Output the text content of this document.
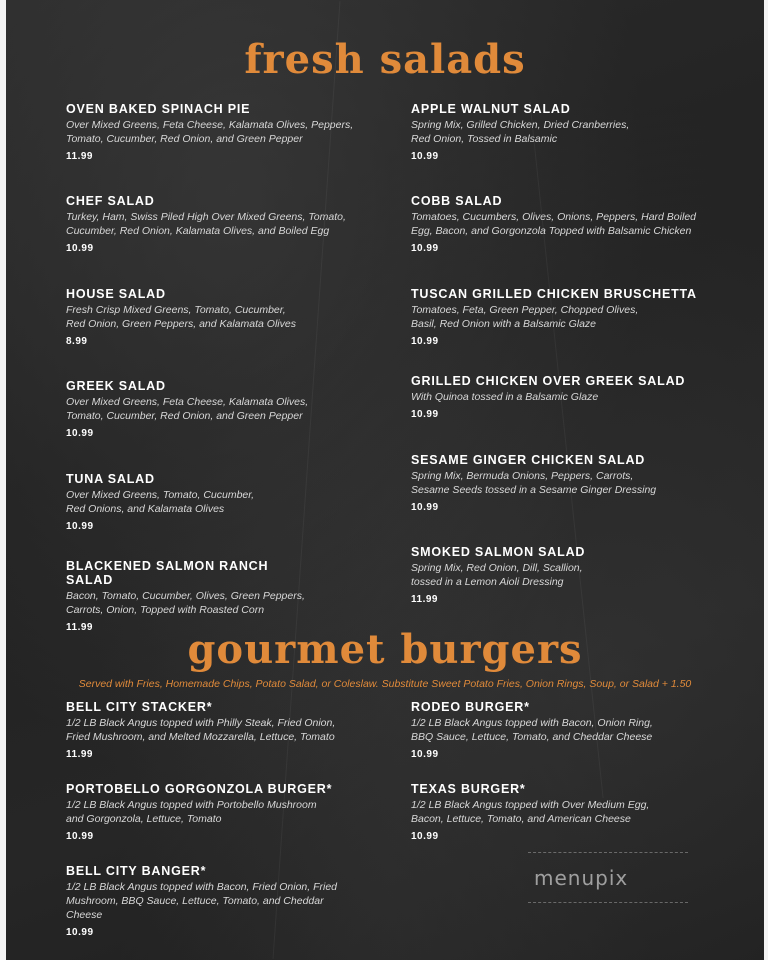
fresh salads
OVEN BAKED SPINACH PIE
Over Mixed Greens, Feta Cheese, Kalamata Olives, Peppers, Tomato, Cucumber, Red Onion, and Green Pepper
11.99
CHEF SALAD
Turkey, Ham, Swiss Piled High Over Mixed Greens, Tomato, Cucumber, Red Onion, Kalamata Olives, and Boiled Egg
10.99
HOUSE SALAD
Fresh Crisp Mixed Greens, Tomato, Cucumber, Red Onion, Green Peppers, and Kalamata Olives
8.99
GREEK SALAD
Over Mixed Greens, Feta Cheese, Kalamata Olives, Tomato, Cucumber, Red Onion, and Green Pepper
10.99
TUNA SALAD
Over Mixed Greens, Tomato, Cucumber, Red Onions, and Kalamata Olives
10.99
BLACKENED SALMON RANCH SALAD
Bacon, Tomato, Cucumber, Olives, Green Peppers, Carrots, Onion, Topped with Roasted Corn
11.99
APPLE WALNUT SALAD
Spring Mix, Grilled Chicken, Dried Cranberries, Red Onion, Tossed in Balsamic
10.99
COBB SALAD
Tomatoes, Cucumbers, Olives, Onions, Peppers, Hard Boiled Egg, Bacon, and Gorgonzola Topped with Balsamic Chicken
10.99
TUSCAN GRILLED CHICKEN BRUSCHETTA
Tomatoes, Feta, Green Pepper, Chopped Olives, Basil, Red Onion with a Balsamic Glaze
10.99
GRILLED CHICKEN OVER GREEK SALAD
With Quinoa tossed in a Balsamic Glaze
10.99
SESAME GINGER CHICKEN SALAD
Spring Mix, Bermuda Onions, Peppers, Carrots, Sesame Seeds tossed in a Sesame Ginger Dressing
10.99
SMOKED SALMON SALAD
Spring Mix, Red Onion, Dill, Scallion, tossed in a Lemon Aioli Dressing
11.99
gourmet burgers
Served with Fries, Homemade Chips, Potato Salad, or Coleslaw. Substitute Sweet Potato Fries, Onion Rings, Soup, or Salad + 1.50
BELL CITY STACKER*
1/2 LB Black Angus topped with Philly Steak, Fried Onion, Fried Mushroom, and Melted Mozzarella, Lettuce, Tomato
11.99
PORTOBELLO GORGONZOLA BURGER*
1/2 LB Black Angus topped with Portobello Mushroom and Gorgonzola, Lettuce, Tomato
10.99
BELL CITY BANGER*
1/2 LB Black Angus topped with Bacon, Fried Onion, Fried Mushroom, BBQ Sauce, Lettuce, Tomato, and Cheddar Cheese
10.99
RODEO BURGER*
1/2 LB Black Angus topped with Bacon, Onion Ring, BBQ Sauce, Lettuce, Tomato, and Cheddar Cheese
10.99
TEXAS BURGER*
1/2 LB Black Angus topped with Over Medium Egg, Bacon, Lettuce, Tomato, and American Cheese
10.99
menupix
